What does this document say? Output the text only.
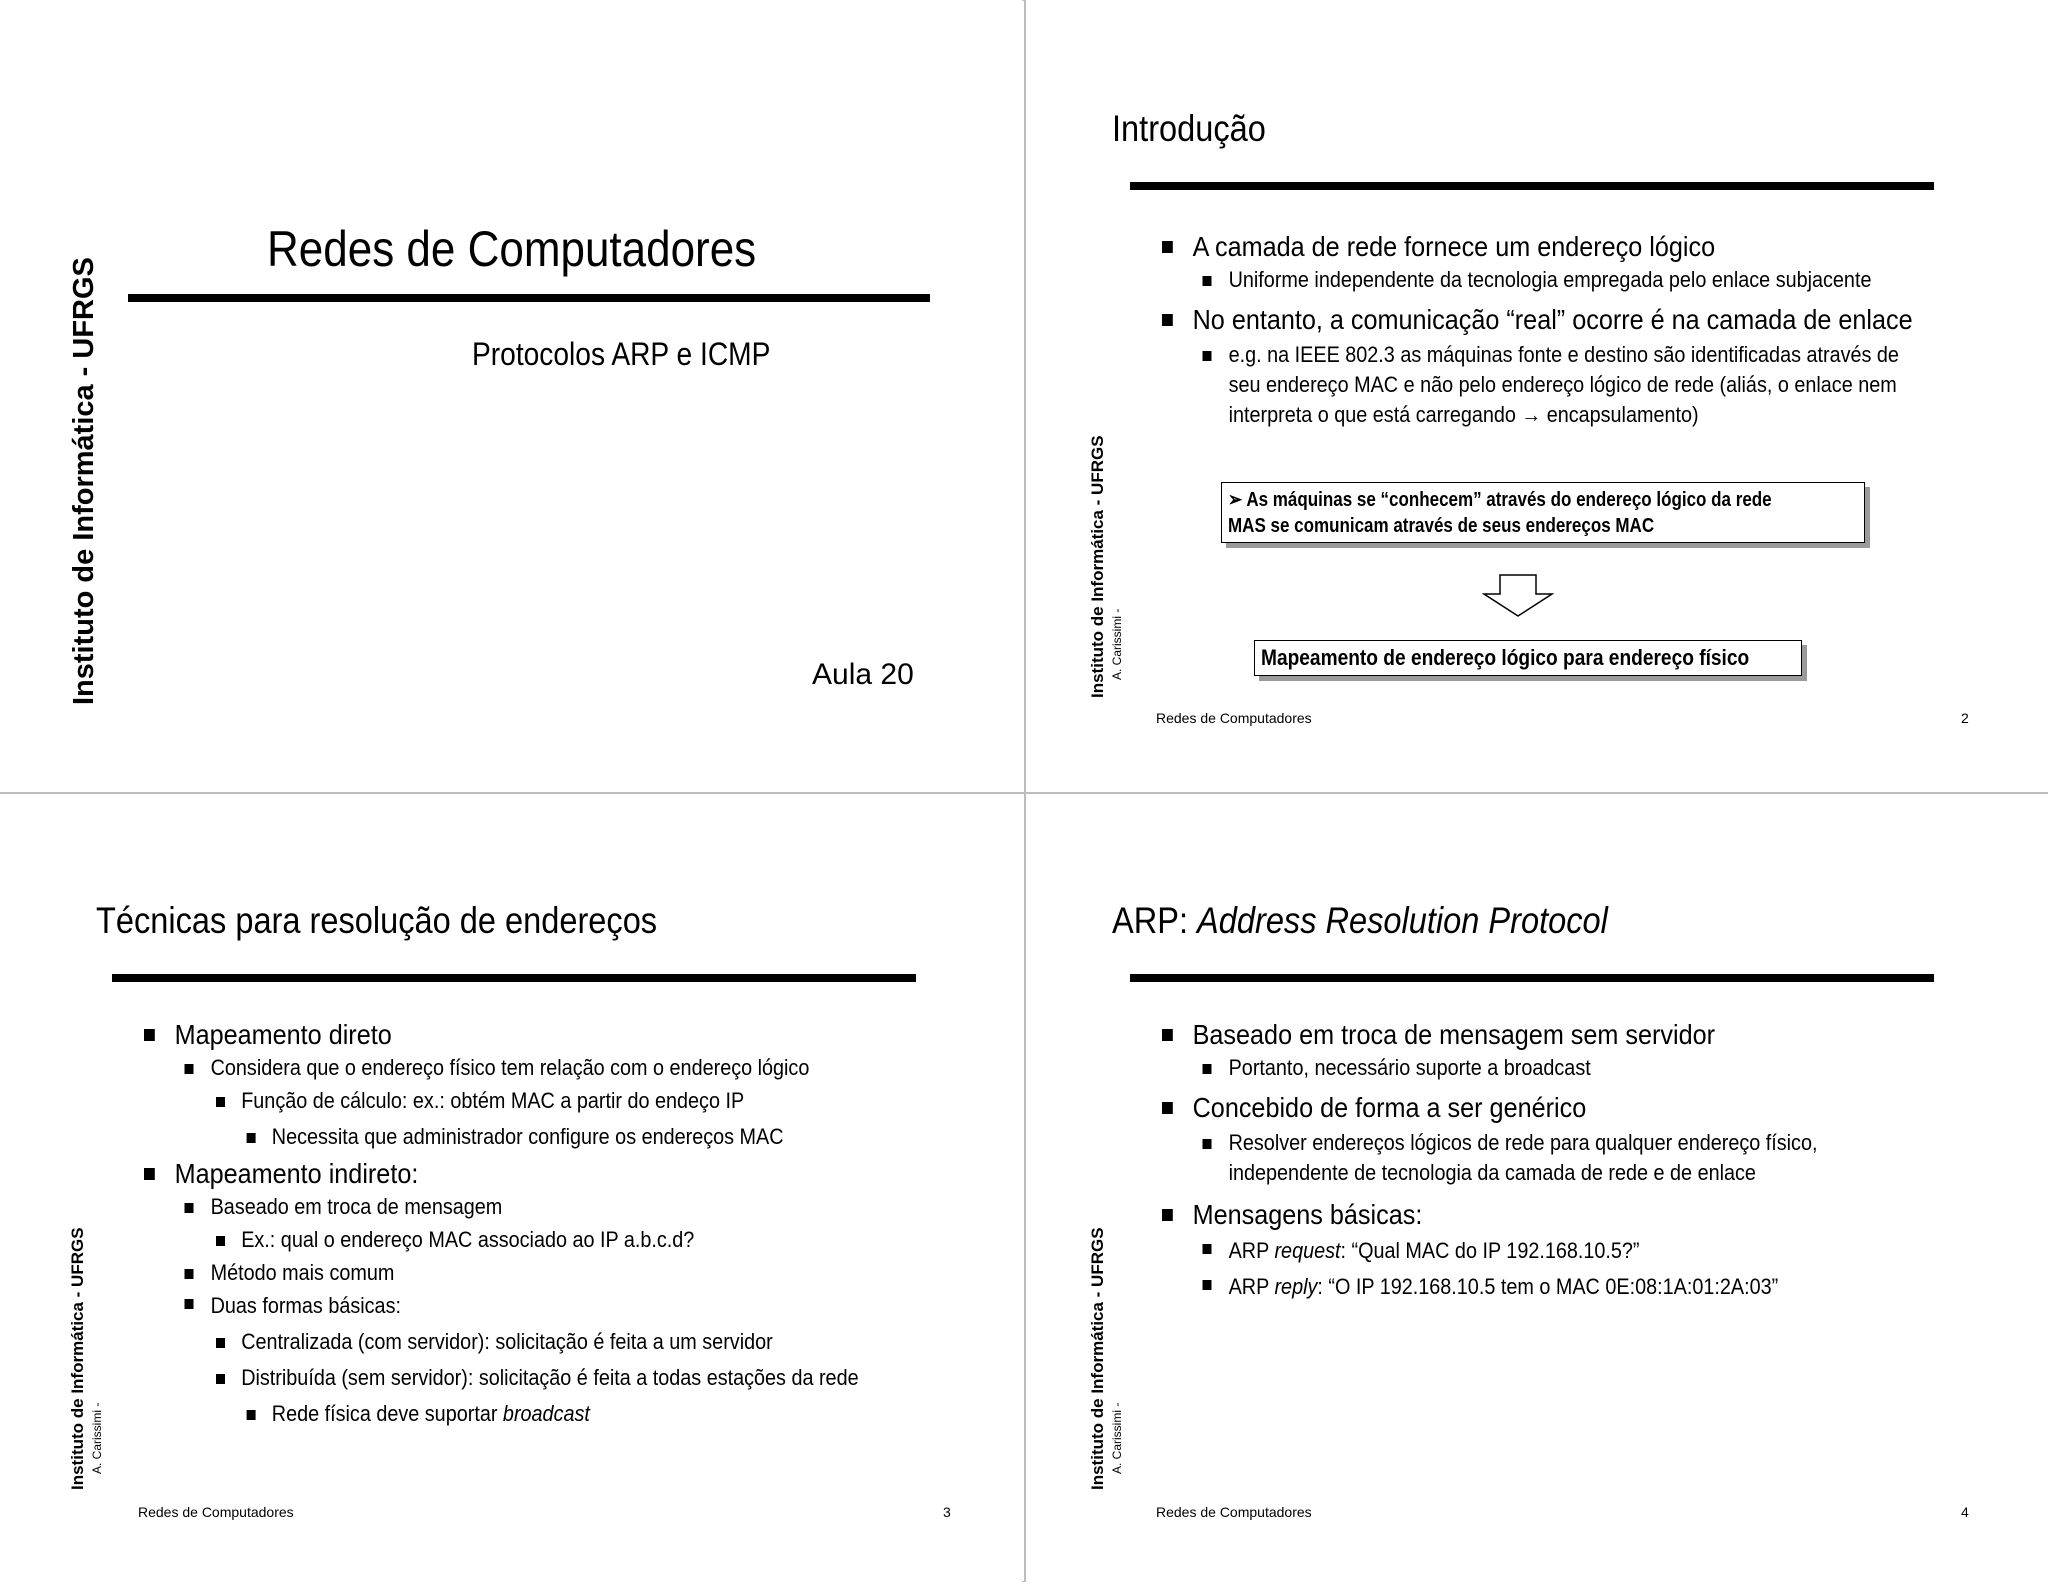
Instituto de Informática - UFRGS
Redes de Computadores
Protocolos ARP e ICMP
Aula 20	Instituto de Informática - UFRGS A. Carissimi -
Introdução
A camada de rede fornece um endereço lógico
Uniforme independente da tecnologia empregada pelo enlace subjacente
No entanto, a comunicação “real” ocorre é na camada de enlace
e.g. na IEEE 802.3 as máquinas fonte e destino são identificadas através de
seu endereço MAC e não pelo endereço lógico de rede (aliás, o enlace nem
interpreta o que está carregando → encapsulamento)
➢ As máquinas se “conhecem” através do endereço lógico da rede
MAS se comunicam através de seus endereços MAC
Mapeamento de endereço lógico para endereço físico
Redes de Computadores	2
Instituto de Informática - UFRGS A. Carissimi -
Técnicas para resolução de endereços
Mapeamento direto
Considera que o endereço físico tem relação com o endereço lógico
Função de cálculo: ex.: obtém MAC a partir do endeço IP
Necessita que administrador configure os endereços MAC
Mapeamento indireto:
Baseado em troca de mensagem
Ex.: qual o endereço MAC associado ao IP a.b.c.d?
Método mais comum
Duas formas básicas:
Centralizada (com servidor): solicitação é feita a um servidor
Distribuída (sem servidor): solicitação é feita a todas estações da rede
Rede física deve suportar broadcast
Redes de Computadores	3
Instituto de Informática - UFRGS A. Carissimi -
ARP: Address Resolution Protocol
Baseado em troca de mensagem sem servidor
Portanto, necessário suporte a broadcast
Concebido de forma a ser genérico
Resolver endereços lógicos de rede para qualquer endereço físico,
independente de tecnologia da camada de rede e de enlace
Mensagens básicas:
ARP request: “Qual MAC do IP 192.168.10.5?”
ARP reply: “O IP 192.168.10.5 tem o MAC 0E:08:1A:01:2A:03”
Redes de Computadores	4
